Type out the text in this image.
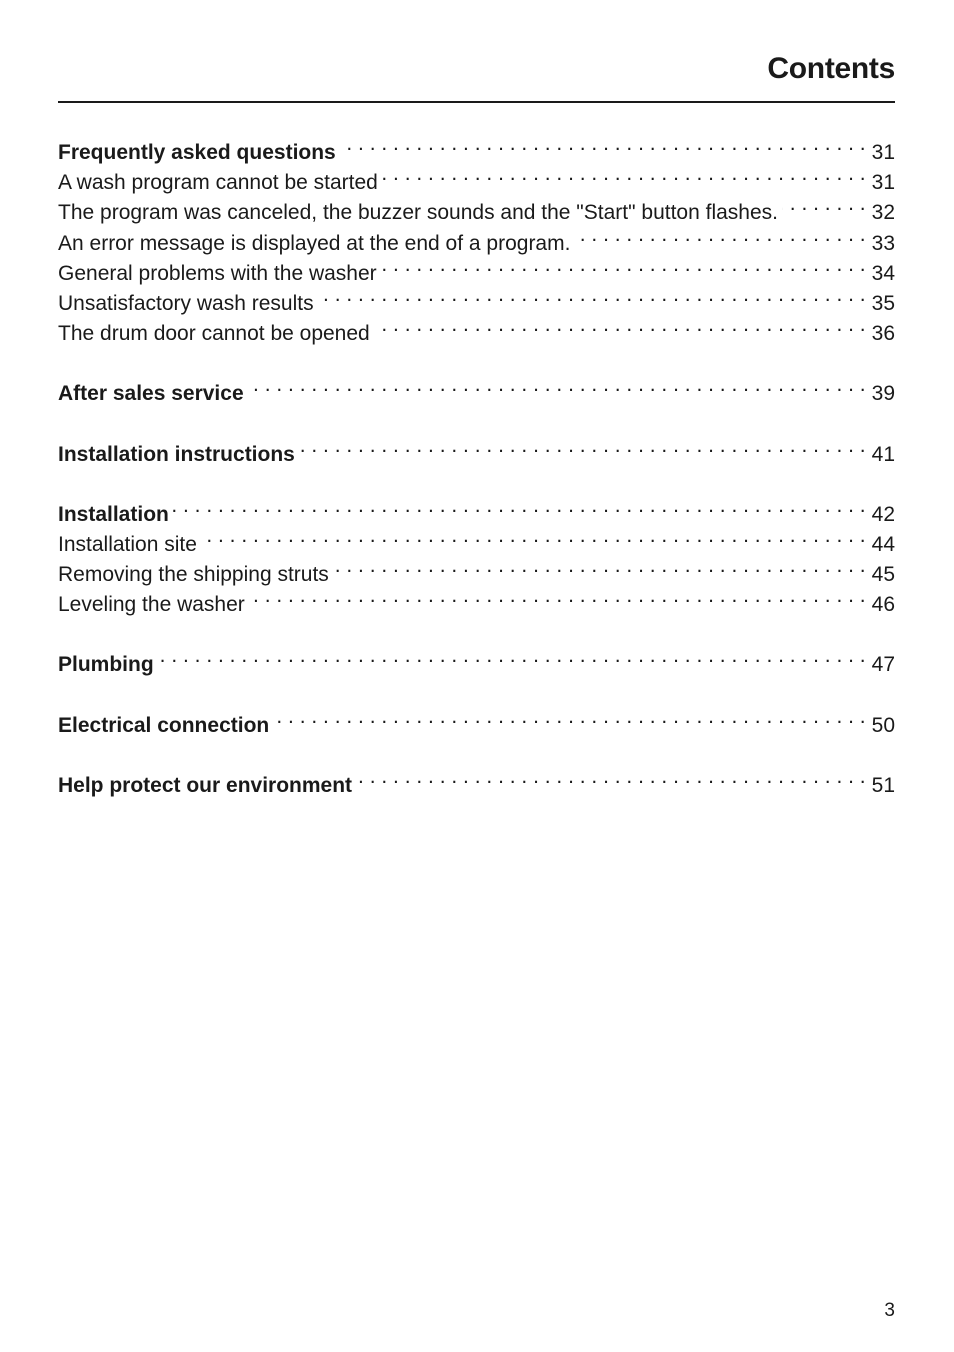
Contents
Frequently asked questions . . .	31
A wash program cannot be started . . .	31
The program was canceled, the buzzer sounds and the "Start" button flashes. . . .	32
An error message is displayed at the end of a program. . . .	33
General problems with the washer . . .	34
Unsatisfactory wash results . . .	35
The drum door cannot be opened . . .	36
After sales service . . .	39
Installation instructions . . .	41
Installation . . .	42
Installation site . . .	44
Removing the shipping struts . . .	45
Leveling the washer . . .	46
Plumbing . . .	47
Electrical connection . . .	50
Help protect our environment . . .	51
3
